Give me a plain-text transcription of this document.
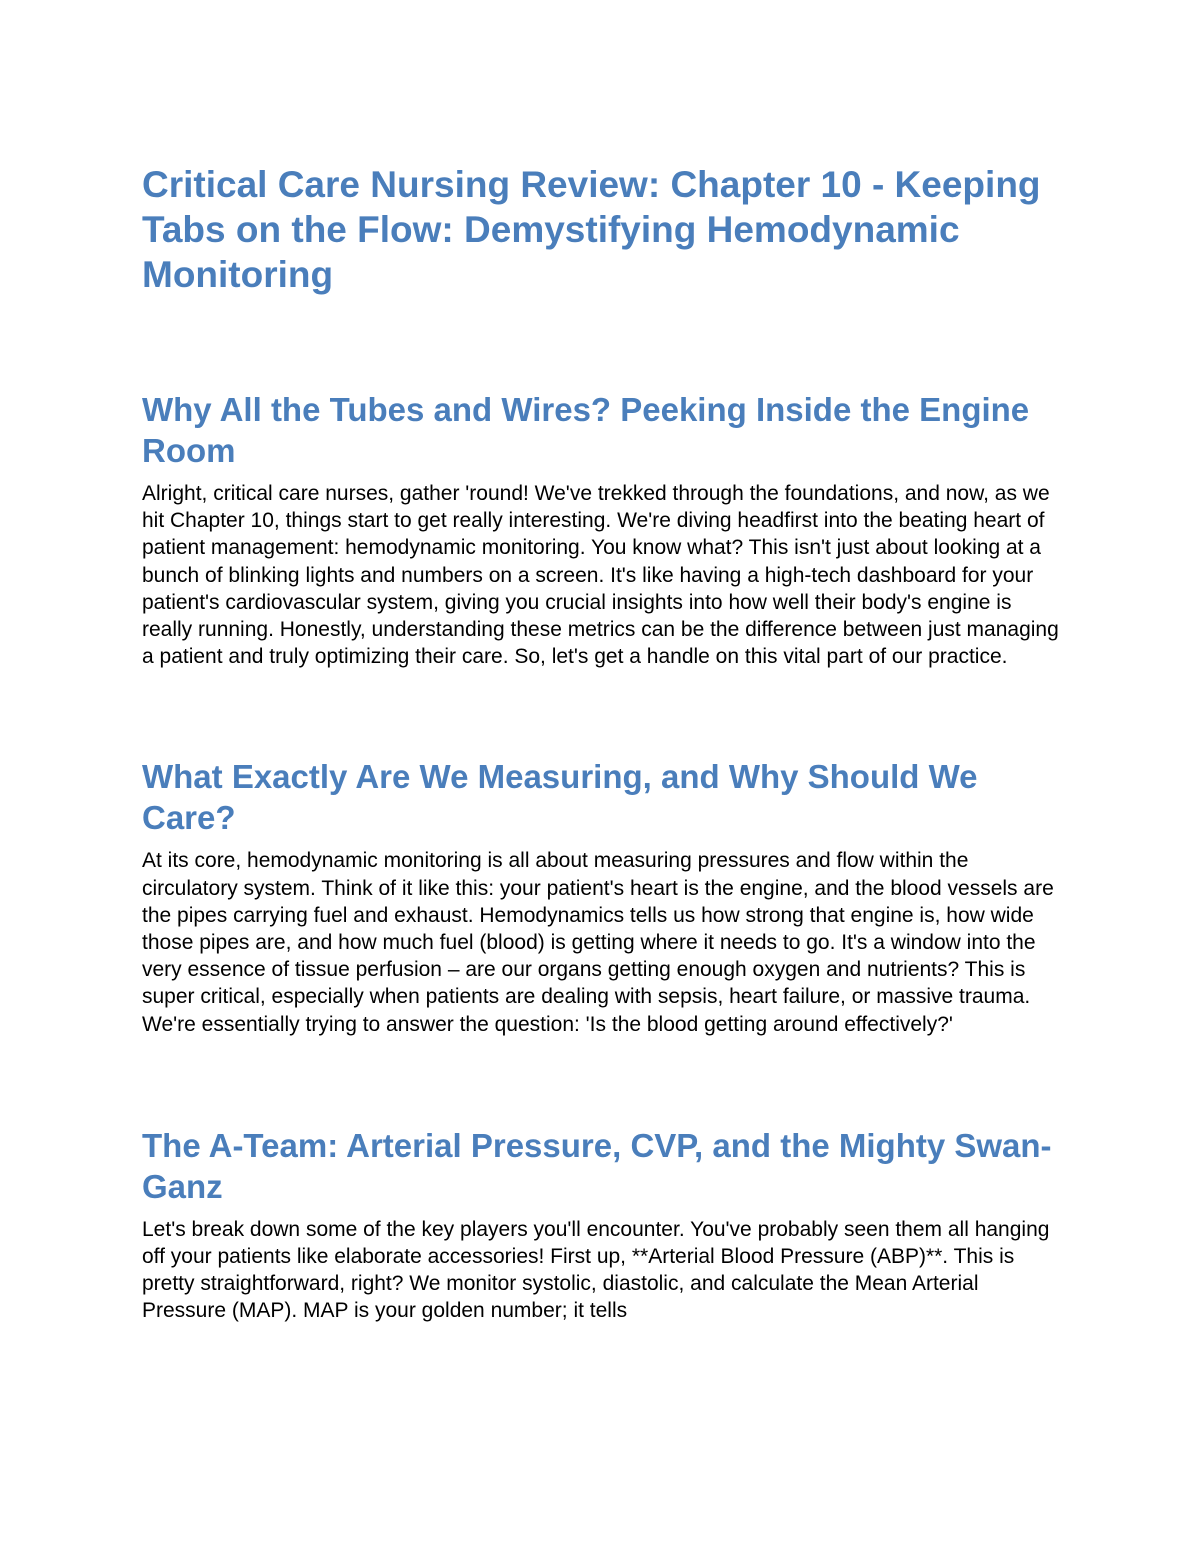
Critical Care Nursing Review: Chapter 10 - Keeping Tabs on the Flow: Demystifying Hemodynamic Monitoring
Why All the Tubes and Wires? Peeking Inside the Engine Room

Alright, critical care nurses, gather 'round! We've trekked through the foundations, and now, as we hit Chapter 10, things start to get really interesting. We're diving headfirst into the beating heart of patient management: hemodynamic monitoring. You know what? This isn't just about looking at a bunch of blinking lights and numbers on a screen. It's like having a high-tech dashboard for your patient's cardiovascular system, giving you crucial insights into how well their body's engine is really running. Honestly, understanding these metrics can be the difference between just managing a patient and truly optimizing their care. So, let's get a handle on this vital part of our practice.

What Exactly Are We Measuring, and Why Should We Care?

At its core, hemodynamic monitoring is all about measuring pressures and flow within the circulatory system. Think of it like this: your patient's heart is the engine, and the blood vessels are the pipes carrying fuel and exhaust. Hemodynamics tells us how strong that engine is, how wide those pipes are, and how much fuel (blood) is getting where it needs to go. It's a window into the very essence of tissue perfusion – are our organs getting enough oxygen and nutrients? This is super critical, especially when patients are dealing with sepsis, heart failure, or massive trauma. We're essentially trying to answer the question: 'Is the blood getting around effectively?'

The A-Team: Arterial Pressure, CVP, and the Mighty Swan-Ganz

Let's break down some of the key players you'll encounter. You've probably seen them all hanging off your patients like elaborate accessories! First up, **Arterial Blood Pressure (ABP)**. This is pretty straightforward, right? We monitor systolic, diastolic, and calculate the Mean Arterial Pressure (MAP). MAP is your golden number; it tells
